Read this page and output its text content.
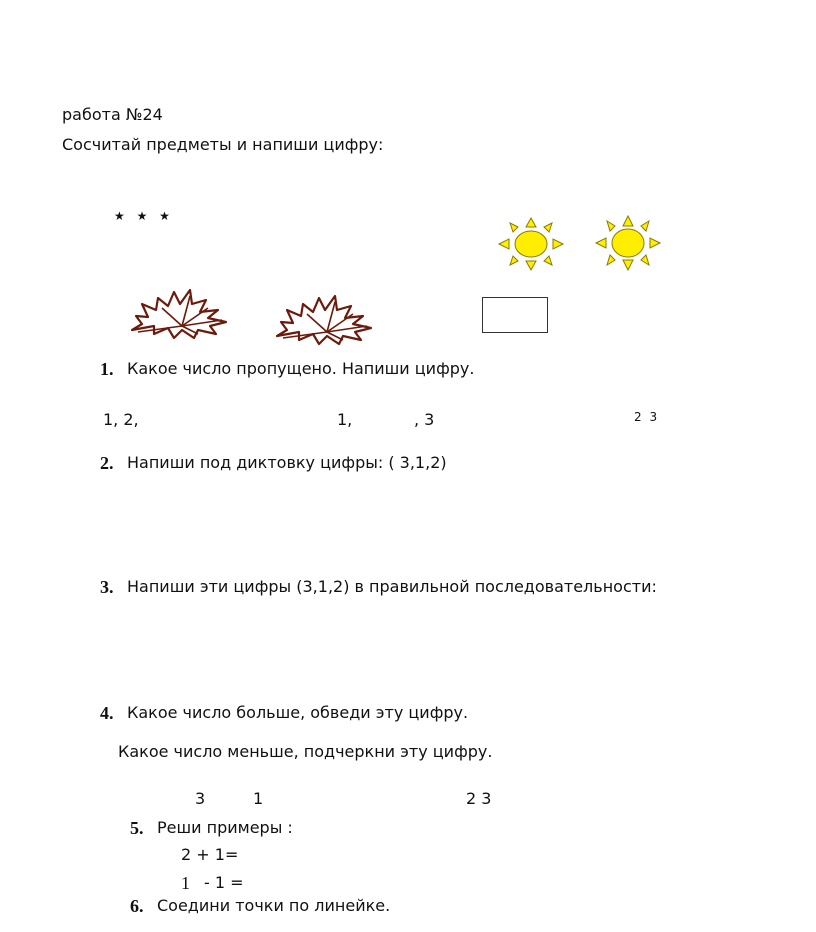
работа №24
Сосчитай предметы и напиши цифру:
★ ★ ★
1. Какое число пропущено. Напиши цифру.
1, 2,	1,	, 3	2 3
2. Напиши под диктовку цифры: ( 3,1,2)
3. Напиши эти цифры (3,1,2) в правильной последовательности:
4. Какое число больше, обведи эту цифру.
Какое число меньше, подчеркни эту цифру.
3	1	2 3
5. Реши примеры :
2 + 1=
1 - 1 =
6. Соедини точки по линейке.
